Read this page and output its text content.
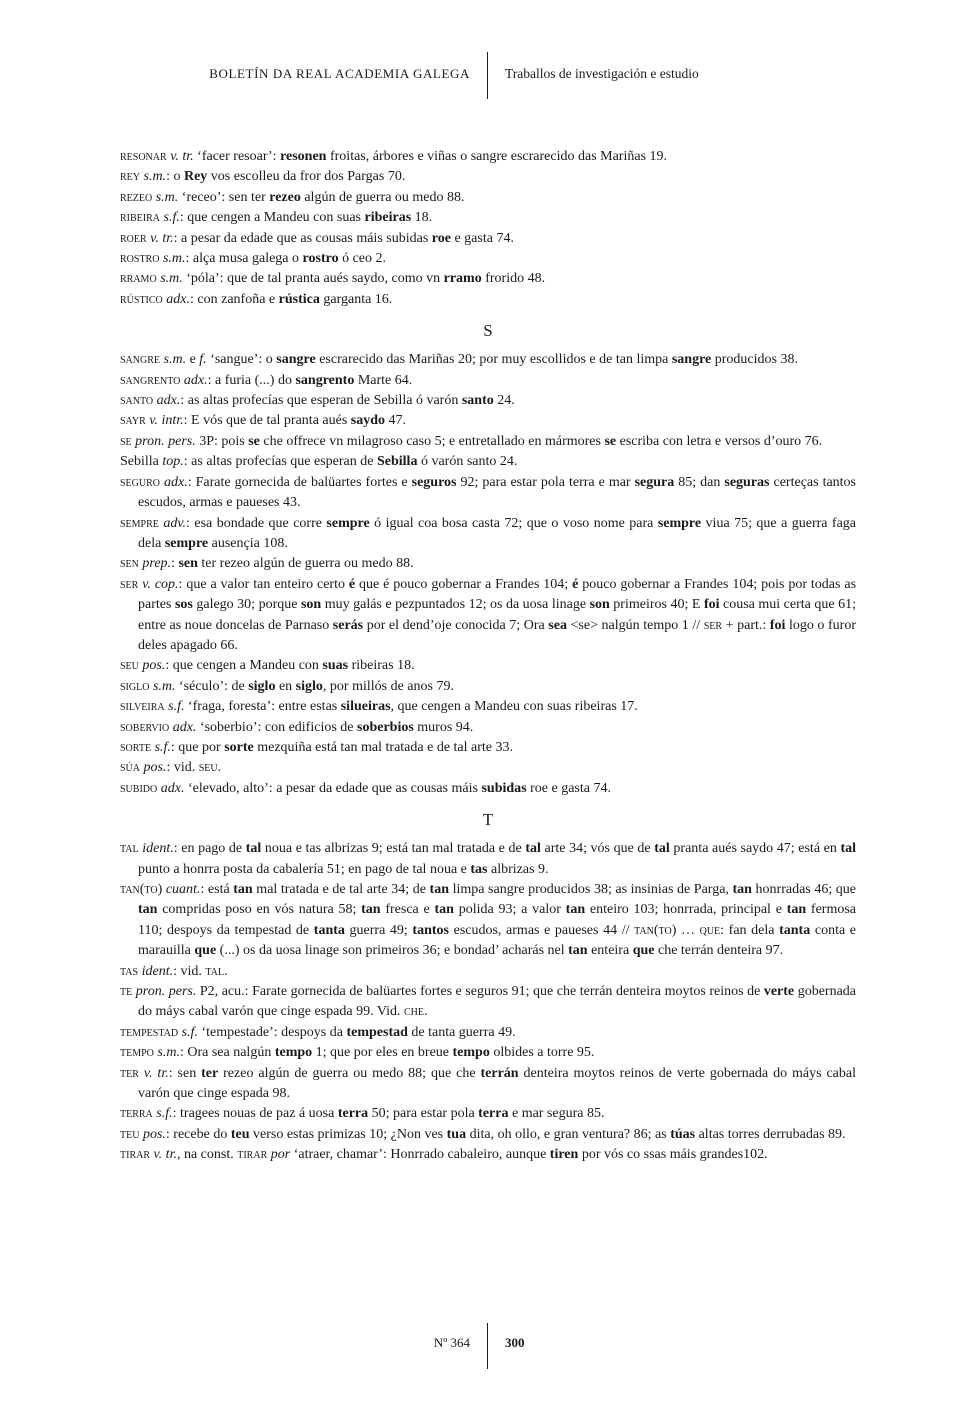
BOLETÍN DA REAL ACADEMIA GALEGA	Traballos de investigación e estudio

resonar v. tr. ‘facer resoar’: resonen froitas, árbores e viñas o sangre escrarecido das Mariñas 19.

rey s.m.: o Rey vos escolleu da fror dos Pargas 70.

rezeo s.m. ‘receo’: sen ter rezeo algún de guerra ou medo 88.

ribeira s.f.: que cengen a Mandeu con suas ribeiras 18.

roer v. tr.: a pesar da edade que as cousas máis subidas roe e gasta 74.

rostro s.m.: alça musa galega o rostro ó ceo 2.

rramo s.m. ‘póla’: que de tal pranta aués saydo, como vn rramo frorido 48.

rústico adx.: con zanfoña e rústica garganta 16.

S

sangre s.m. e f. ‘sangue’: o sangre escrarecido das Mariñas 20; por muy escollidos e de tan limpa sangre producidos 38.

sangrento adx.: a furia (...) do sangrento Marte 64.

santo adx.: as altas profecías que esperan de Sebilla ó varón santo 24.

sayr v. intr.: E vós que de tal pranta aués saydo 47.

se pron. pers. 3P: pois se che offrece vn milagroso caso 5; e entretallado en mármores se escriba con letra e versos d’ouro 76.

Sebilla top.: as altas profecías que esperan de Sebilla ó varón santo 24.

seguro adx.: Farate gornecida de balüartes fortes e seguros 92; para estar pola terra e mar segura 85; dan seguras certeças tantos escudos, armas e paueses 43.

sempre adv.: esa bondade que corre sempre ó igual coa bosa casta 72; que o voso nome para sempre viua 75; que a guerra faga dela sempre ausençia 108.

sen prep.: sen ter rezeo algún de guerra ou medo 88.

ser v. cop.: que a valor tan enteiro certo é que é pouco gobernar a Frandes 104; é pouco gobernar a Frandes 104; pois por todas as partes sos galego 30; porque son muy galás e pezpuntados 12; os da uosa linage son primeiros 40; E foi cousa mui certa que 61; entre as noue doncelas de Parnaso serás por el dend’oje conocida 7; Ora sea <se> nalgún tempo 1 // ser + part.: foi logo o furor deles apagado 66.

seu pos.: que cengen a Mandeu con suas ribeiras 18.

siglo s.m. ‘século’: de siglo en siglo, por millós de anos 79.

silveira s.f. ‘fraga, foresta’: entre estas silueiras, que cengen a Mandeu con suas ribeiras 17.

sobervio adx. ‘soberbio’: con edificios de soberbios muros 94.

sorte s.f.: que por sorte mezquiña está tan mal tratada e de tal arte 33.

súa pos.: vid. seu.

subido adx. ‘elevado, alto’: a pesar da edade que as cousas máis subidas roe e gasta 74.

T

tal ident.: en pago de tal noua e tas albrizas 9; está tan mal tratada e de tal arte 34; vós que de tal pranta aués saydo 47; está en tal punto a honrra posta da cabalería 51; en pago de tal noua e tas albrizas 9.

tan(to) cuant.: está tan mal tratada e de tal arte 34; de tan limpa sangre producidos 38; as insinias de Parga, tan honrradas 46; que tan compridas poso en vós natura 58; tan fresca e tan polida 93; a valor tan enteiro 103; honrrada, principal e tan fermosa 110; despoys da tempestad de tanta guerra 49; tantos escudos, armas e paueses 44 // tan(to) … que: fan dela tanta conta e marauilla que (...) os da uosa linage son primeiros 36; e bondad’ acharás nel tan enteira que che terrán denteira 97.

tas ident.: vid. tal.

te pron. pers. P2, acu.: Farate gornecida de balüartes fortes e seguros 91; que che terrán denteira moytos reinos de verte gobernada do máys cabal varón que cinge espada 99. Vid. che.

tempestad s.f. ‘tempestade’: despoys da tempestad de tanta guerra 49.

tempo s.m.: Ora sea nalgún tempo 1; que por eles en breue tempo olbides a torre 95.

ter v. tr.: sen ter rezeo algún de guerra ou medo 88; que che terrán denteira moytos reinos de verte gobernada do máys cabal varón que cinge espada 98.

terra s.f.: tragees nouas de paz á uosa terra 50; para estar pola terra e mar segura 85.

teu pos.: recebe do teu verso estas primizas 10; ¿Non ves tua dita, oh ollo, e gran ventura? 86; as túas altas torres derrubadas 89.

tirar v. tr., na const. tirar por ‘atraer, chamar’: Honrrado cabaleiro, aunque tiren por vós co ssas máis grandes102.

Nº 364	300
